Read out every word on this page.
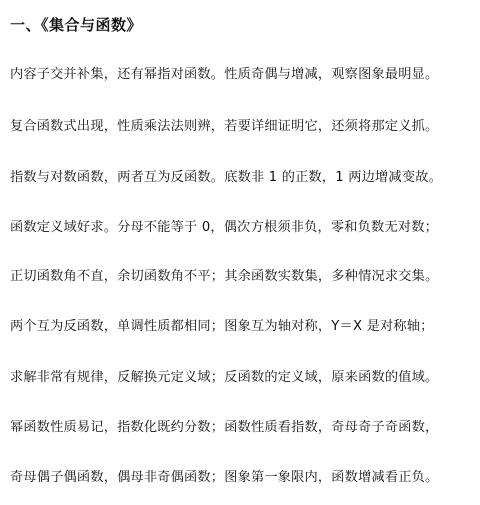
一、《集合与函数》
内容子交并补集，还有幂指对函数。性质奇偶与增减，观察图象最明显。
复合函数式出现，性质乘法法则辨，若要详细证明它，还须将那定义抓。
指数与对数函数，两者互为反函数。底数非 1 的正数，1 两边增减变故。
函数定义域好求。分母不能等于 0，偶次方根须非负，零和负数无对数；
正切函数角不直，余切函数角不平；其余函数实数集，多种情况求交集。
两个互为反函数，单调性质都相同；图象互为轴对称，Y＝X 是对称轴；
求解非常有规律，反解换元定义域；反函数的定义域，原来函数的值域。
幂函数性质易记，指数化既约分数；函数性质看指数，奇母奇子奇函数，
奇母偶子偶函数，偶母非奇偶函数；图象第一象限内，函数增减看正负。
